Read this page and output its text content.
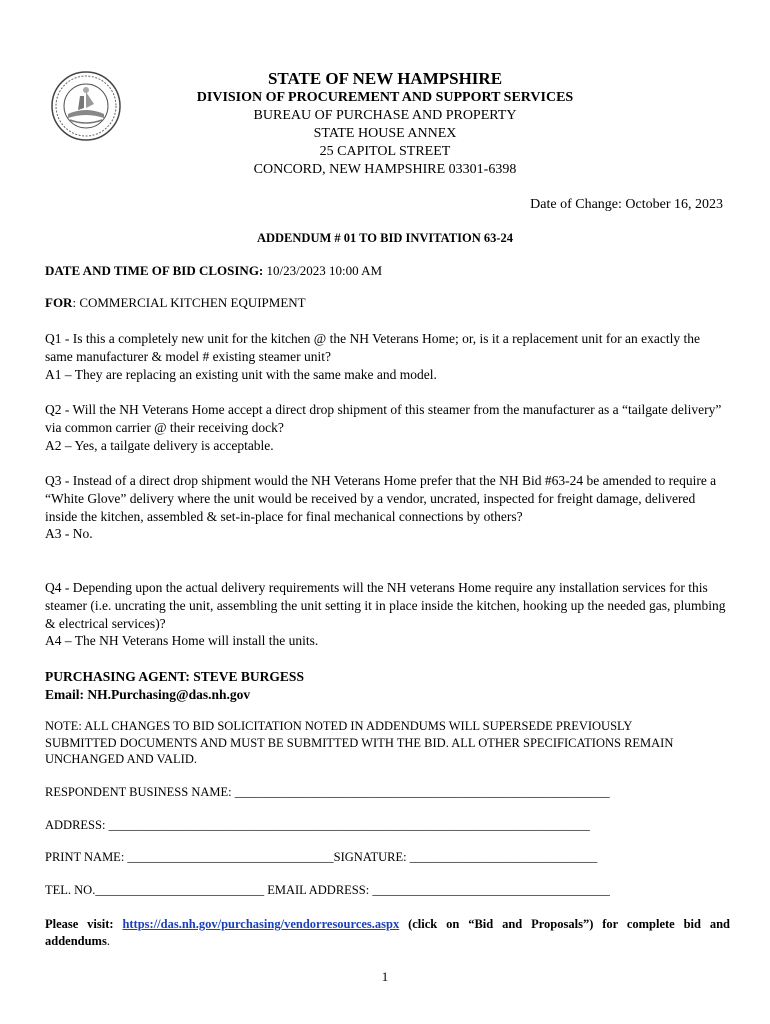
STATE OF NEW HAMPSHIRE
DIVISION OF PROCUREMENT AND SUPPORT SERVICES
BUREAU OF PURCHASE AND PROPERTY
STATE HOUSE ANNEX
25 CAPITOL STREET
CONCORD, NEW HAMPSHIRE 03301-6398
Date of Change: October 16, 2023
ADDENDUM # 01 TO BID INVITATION 63-24
DATE AND TIME OF BID CLOSING: 10/23/2023 10:00 AM
FOR: COMMERCIAL KITCHEN EQUIPMENT

Q1 - Is this a completely new unit for the kitchen @ the NH Veterans Home; or, is it a replacement unit for an exactly the same manufacturer & model # existing steamer unit?

A1 – They are replacing an existing unit with the same make and model.

Q2 - Will the NH Veterans Home accept a direct drop shipment of this steamer from the manufacturer as a “tailgate delivery” via common carrier @ their receiving dock?

A2 – Yes, a tailgate delivery is acceptable.

Q3 - Instead of a direct drop shipment would the NH Veterans Home prefer that the NH Bid #63-24 be amended to require a “White Glove” delivery where the unit would be received by a vendor, uncrated, inspected for freight damage, delivered inside the kitchen, assembled & set-in-place for final mechanical connections by others?

A3 - No.

Q4 - Depending upon the actual delivery requirements will the NH veterans Home require any installation services for this steamer (i.e. uncrating the unit, assembling the unit setting it in place inside the kitchen, hooking up the needed gas, plumbing & electrical services)?

A4 – The NH Veterans Home will install the units.

PURCHASING AGENT: STEVE BURGESS
Email: NH.Purchasing@das.nh.gov
NOTE: ALL CHANGES TO BID SOLICITATION NOTED IN ADDENDUMS WILL SUPERSEDE PREVIOUSLY SUBMITTED DOCUMENTS AND MUST BE SUBMITTED WITH THE BID. ALL OTHER SPECIFICATIONS REMAIN UNCHANGED AND VALID.
RESPONDENT BUSINESS NAME: ____________________________________________________________
ADDRESS: _____________________________________________________________________________
PRINT NAME: _________________________________SIGNATURE: ______________________________
TEL. NO.___________________________ EMAIL ADDRESS: ______________________________________
Please visit: https://das.nh.gov/purchasing/vendorresources.aspx (click on “Bid and Proposals”) for complete bid and addendums.
1
